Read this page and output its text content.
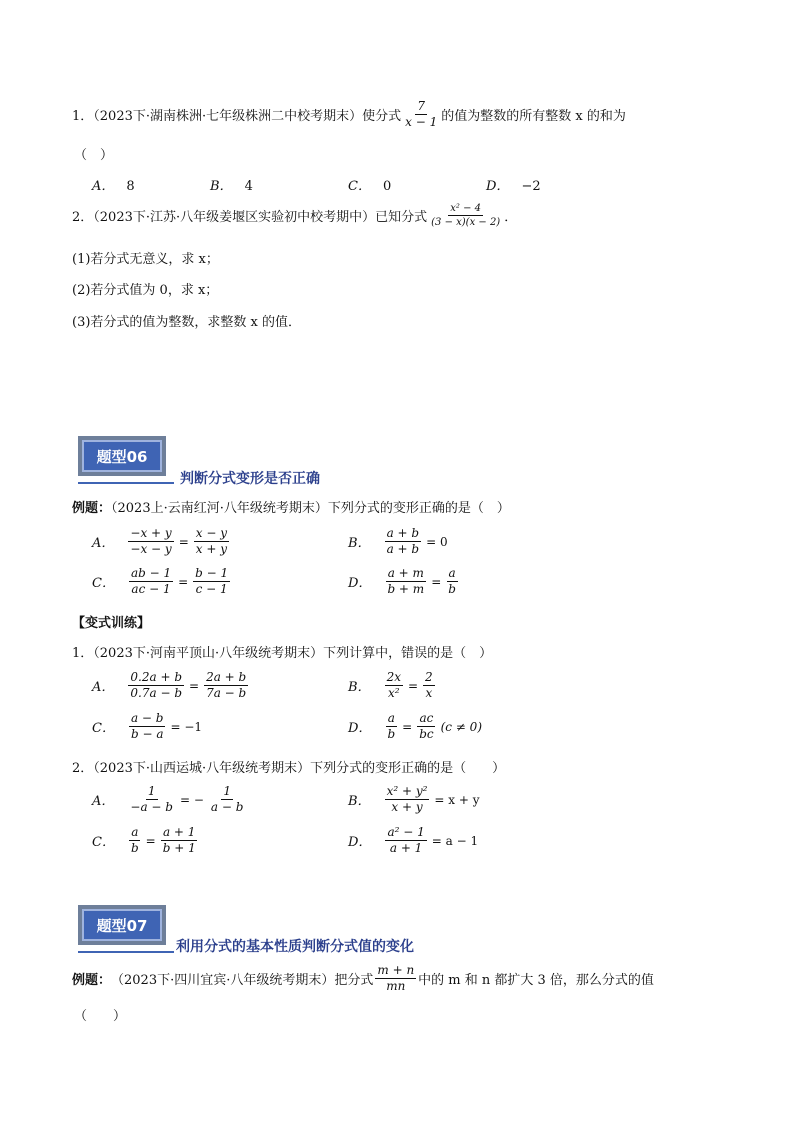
1．（2023下·湖南株洲·七年级株洲二中校考期末）使分式 $\frac{7}{x - 1}$ 的值为整数的所有整数 x 的和为
（　）
A． 8	B． 4	C． 0	D． −2
2．（2023下·江苏·八年级姜堰区实验初中校考期中）已知分式 $\frac{\text{x² − 4}}{(3 - x)(x - 2)}$ ．
(1)若分式无意义，求 x；
(2)若分式值为 0，求 x；
(3)若分式的值为整数，求整数 x 的值．
题型06
判断分式变形是否正确
例题：（2023上·云南红河·八年级统考期末）下列分式的变形正确的是（　）
A． $\frac{-x + y}{-x - y} = \frac{x - y}{x + y}$	B． $\frac{a + b}{a + b} = 0$
C． $\frac{ab - 1}{ac - 1} = \frac{b - 1}{c - 1}$	D． $\frac{a + m}{b + m} = \frac{a}{b}$
【变式训练】
1．（2023下·河南平顶山·八年级统考期末）下列计算中，错误的是（　）
A． $\frac{0.2a + b}{0.7a - b} = \frac{2a + b}{7a - b}$	B． $\frac{2x}{\text{x²}} = \frac{2}{x}$
C． $\frac{a - b}{b - a} = -1$	D． $\frac{a}{b} = \frac{ac}{bc} (c \ne 0)$
2．（2023下·山西运城·八年级统考期末）下列分式的变形正确的是（　　）
A． $\frac{1}{-a - b}$ = − $\frac{1}{a - b}$	B． $\frac{\text{x² + y²}}{x + y} = x + y$
C． $\frac{a}{b} = \frac{a + 1}{b + 1}$	D． $\frac{\text{a² − 1}}{a + 1} = a - 1$
题型07
利用分式的基本性质判断分式值的变化
例题： （2023下·四川宜宾·八年级统考期末）把分式 $\frac{m + n}{mn}$ 中的 m 和 n 都扩大 3 倍，那么分式的值
（　　）
